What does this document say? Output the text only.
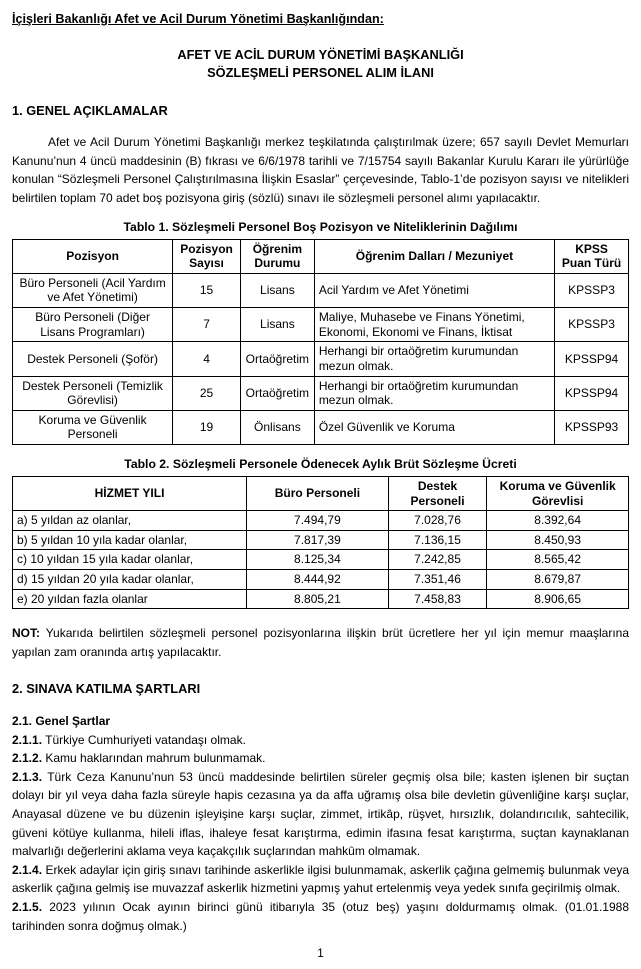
İçişleri Bakanlığı Afet ve Acil Durum Yönetimi Başkanlığından:

AFET VE ACİL DURUM YÖNETİMİ BAŞKANLIĞI
SÖZLEŞMELİ PERSONEL ALIM İLANI

1. GENEL AÇIKLAMALAR

Afet ve Acil Durum Yönetimi Başkanlığı merkez teşkilatında çalıştırılmak üzere; 657 sayılı Devlet Memurları Kanunu’nun 4 üncü maddesinin (B) fıkrası ve 6/6/1978 tarihli ve 7/15754 sayılı Bakanlar Kurulu Kararı ile yürürlüğe konulan “Sözleşmeli Personel Çalıştırılmasına İlişkin Esaslar” çerçevesinde, Tablo-1’de pozisyon sayısı ve nitelikleri belirtilen toplam 70 adet boş pozisyona giriş (sözlü) sınavı ile sözleşmeli personel alımı yapılacaktır.

Tablo 1. Sözleşmeli Personel Boş Pozisyon ve Niteliklerinin Dağılımı

Pozisyon	Pozisyon Sayısı	Öğrenim Durumu	Öğrenim Dalları / Mezuniyet	KPSS Puan Türü
Büro Personeli (Acil Yardım ve Afet Yönetimi)	15	Lisans	Acil Yardım ve Afet Yönetimi	KPSSP3
Büro Personeli (Diğer Lisans Programları)	7	Lisans	Maliye, Muhasebe ve Finans Yönetimi, Ekonomi, Ekonomi ve Finans, İktisat	KPSSP3
Destek Personeli (Şoför)	4	Ortaöğretim	Herhangi bir ortaöğretim kurumundan mezun olmak.	KPSSP94
Destek Personeli (Temizlik Görevlisi)	25	Ortaöğretim	Herhangi bir ortaöğretim kurumundan mezun olmak.	KPSSP94
Koruma ve Güvenlik Personeli	19	Önlisans	Özel Güvenlik ve Koruma	KPSSP93

Tablo 2. Sözleşmeli Personele Ödenecek Aylık Brüt Sözleşme Ücreti

HİZMET YILI	Büro Personeli	Destek Personeli	Koruma ve Güvenlik Görevlisi
a) 5 yıldan az olanlar,	7.494,79	7.028,76	8.392,64
b) 5 yıldan 10 yıla kadar olanlar,	7.817,39	7.136,15	8.450,93
c) 10 yıldan 15 yıla kadar olanlar,	8.125,34	7.242,85	8.565,42
d) 15 yıldan 20 yıla kadar olanlar,	8.444,92	7.351,46	8.679,87
e) 20 yıldan fazla olanlar	8.805,21	7.458,83	8.906,65

NOT: Yukarıda belirtilen sözleşmeli personel pozisyonlarına ilişkin brüt ücretlere her yıl için memur maaşlarına yapılan zam oranında artış yapılacaktır.

2. SINAVA KATILMA ŞARTLARI

2.1. Genel Şartlar

2.1.1. Türkiye Cumhuriyeti vatandaşı olmak.

2.1.2. Kamu haklarından mahrum bulunmamak.

2.1.3. Türk Ceza Kanunu’nun 53 üncü maddesinde belirtilen süreler geçmiş olsa bile; kasten işlenen bir suçtan dolayı bir yıl veya daha fazla süreyle hapis cezasına ya da affa uğramış olsa bile devletin güvenliğine karşı suçlar, Anayasal düzene ve bu düzenin işleyişine karşı suçlar, zimmet, irtikâp, rüşvet, hırsızlık, dolandırıcılık, sahtecilik, güveni kötüye kullanma, hileli iflas, ihaleye fesat karıştırma, edimin ifasına fesat karıştırma, suçtan kaynaklanan malvarlığı değerlerini aklama veya kaçakçılık suçlarından mahkûm olmamak.

2.1.4. Erkek adaylar için giriş sınavı tarihinde askerlikle ilgisi bulunmamak, askerlik çağına gelmemiş bulunmak veya askerlik çağına gelmiş ise muvazzaf askerlik hizmetini yapmış yahut ertelenmiş veya yedek sınıfa geçirilmiş olmak.

2.1.5. 2023 yılının Ocak ayının birinci günü itibarıyla 35 (otuz beş) yaşını doldurmamış olmak. (01.01.1988 tarihinden sonra doğmuş olmak.)

1
